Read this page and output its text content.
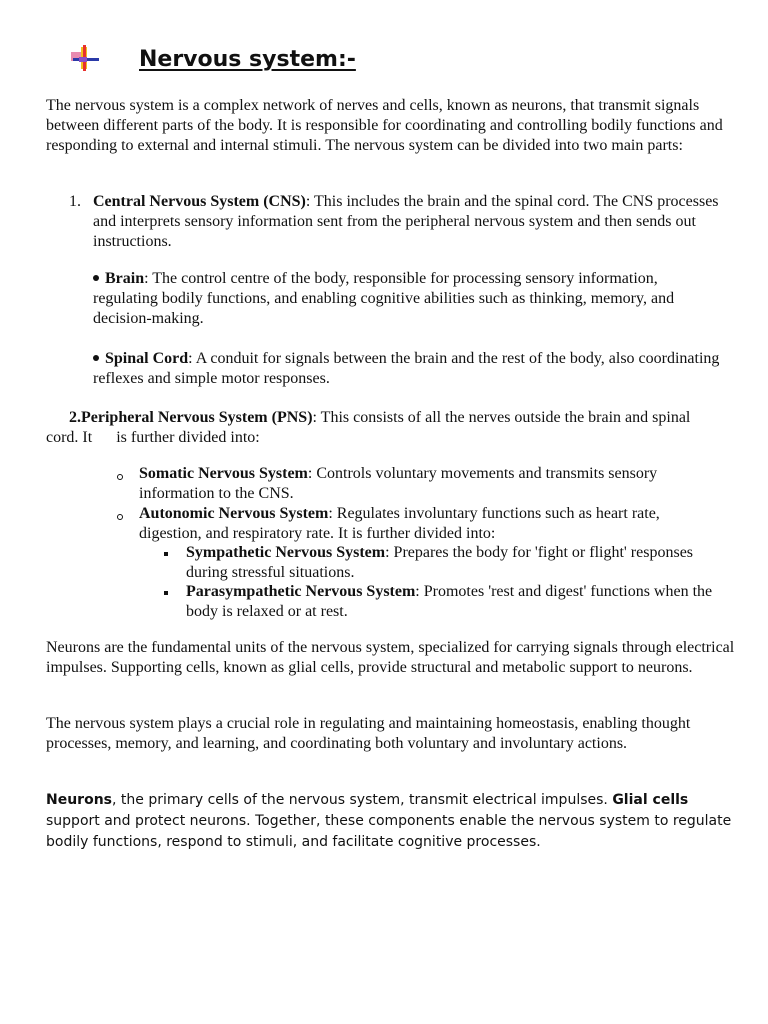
Nervous system:-
The nervous system is a complex network of nerves and cells, known as neurons, that transmit signals between different parts of the body. It is responsible for coordinating and controlling bodily functions and responding to external and internal stimuli. The nervous system can be divided into two main parts:
1. Central Nervous System (CNS): This includes the brain and the spinal cord. The CNS processes and interprets sensory information sent from the peripheral nervous system and then sends out instructions.
Brain: The control centre of the body, responsible for processing sensory information, regulating bodily functions, and enabling cognitive abilities such as thinking, memory, and decision-making.
Spinal Cord: A conduit for signals between the brain and the rest of the body, also coordinating reflexes and simple motor responses.
2.Peripheral Nervous System (PNS): This consists of all the nerves outside the brain and spinal cord. It      is further divided into:
Somatic Nervous System: Controls voluntary movements and transmits sensory information to the CNS.
Autonomic Nervous System: Regulates involuntary functions such as heart rate, digestion, and respiratory rate. It is further divided into:
Sympathetic Nervous System: Prepares the body for 'fight or flight' responses during stressful situations.
Parasympathetic Nervous System: Promotes 'rest and digest' functions when the body is relaxed or at rest.
Neurons are the fundamental units of the nervous system, specialized for carrying signals through electrical impulses. Supporting cells, known as glial cells, provide structural and metabolic support to neurons.
The nervous system plays a crucial role in regulating and maintaining homeostasis, enabling thought processes, memory, and learning, and coordinating both voluntary and involuntary actions.
Neurons, the primary cells of the nervous system, transmit electrical impulses. Glial cells support and protect neurons. Together, these components enable the nervous system to regulate bodily functions, respond to stimuli, and facilitate cognitive processes.
